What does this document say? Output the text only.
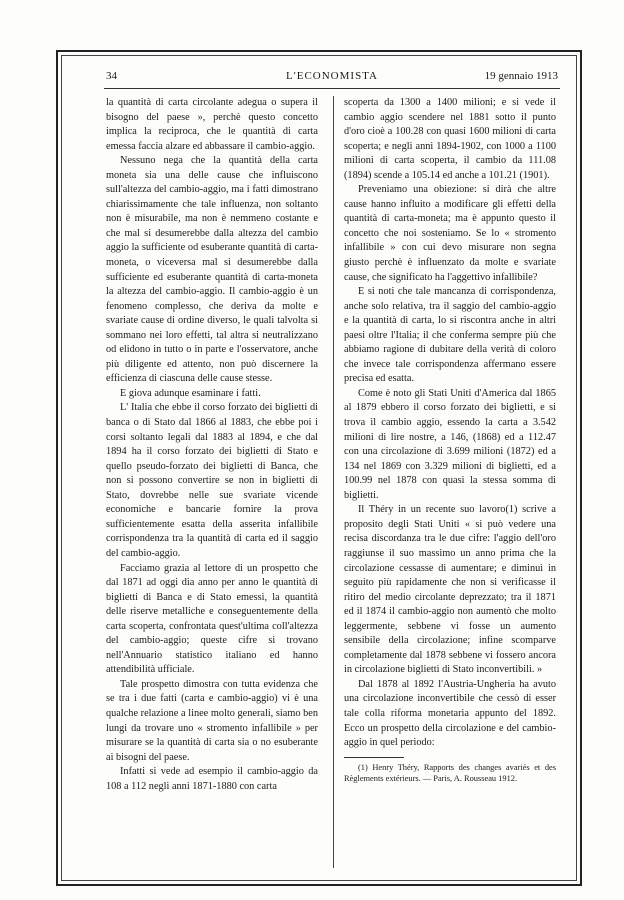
34	L'ECONOMISTA	19 gennaio 1913

la quantità di carta circolante adegua o supera il bisogno del paese », perchè questo concetto implica la reciproca, che le quantità di carta emessa faccia alzare ed abbassare il cambio-aggio.

Nessuno nega che la quantità della carta moneta sia una delle cause che influiscono sull'altezza del cambio-aggio, ma i fatti dimostrano chiarissimamente che tale influenza, non soltanto non è misurabile, ma non è nemmeno costante e che mal si desumerebbe dalla altezza del cambio aggio la sufficiente od esuberante quantità di carta-moneta, o viceversa mal si desumerebbe dalla sufficiente ed esuberante quantità di carta-moneta la altezza del cambio-aggio. Il cambio-aggio è un fenomeno complesso, che deriva da molte e svariate cause di ordine diverso, le quali talvolta si sommano nei loro effetti, tal altra si neutralizzano od elidono in tutto o in parte e l'osservatore, anche più diligente ed attento, non può discernere la efficienza di ciascuna delle cause stesse.

E giova adunque esaminare i fatti.

L' Italia che ebbe il corso forzato dei biglietti di banca o di Stato dal 1866 al 1883, che ebbe poi i corsi soltanto legali dal 1883 al 1894, e che dal 1894 ha il corso forzato dei biglietti di Stato e quello pseudo-forzato dei biglietti di Banca, che non si possono convertire se non in biglietti di Stato, dovrebbe nelle sue svariate vicende economiche e bancarie fornire la prova sufficientemente esatta della asserita infallibile corrispondenza tra la quantità di carta ed il saggio del cambio-aggio.

Facciamo grazia al lettore di un prospetto che dal 1871 ad oggi dia anno per anno le quantità di biglietti di Banca e di Stato emessi, la quantità delle riserve metalliche e conseguentemente della carta scoperta, confrontata quest'ultima coll'altezza del cambio-aggio; queste cifre si trovano nell'Annuario statistico italiano ed hanno attendibilità ufficiale.

Tale prospetto dimostra con tutta evidenza che se tra i due fatti (carta e cambio-aggio) vi è una qualche relazione a linee molto generali, siamo ben lungi da trovare uno « stromento infallibile » per misurare se la quantità di carta sia o no esuberante ai bisogni del paese.

Infatti si vede ad esempio il cambio-aggio da 108 a 112 negli anni 1871-1880 con carta

scoperta da 1300 a 1400 milioni; e si vede il cambio aggio scendere nel 1881 sotto il punto d'oro cioè a 100.28 con quasi 1600 milioni di carta scoperta; e negli anni 1894-1902, con 1000 a 1100 milioni di carta scoperta, il cambio da 111.08 (1894) scende a 105.14 ed anche a 101.21 (1901).

Preveniamo una obiezione: si dirà che altre cause hanno influito a modificare gli effetti della quantità di carta-moneta; ma è appunto questo il concetto che noi sosteniamo. Se lo « stromento infallibile » con cui devo misurare non segna giusto perchè è influenzato da molte e svariate cause, che significato ha l'aggettivo infallibile?

E si noti che tale mancanza di corrispondenza, anche solo relativa, tra il saggio del cambio-aggio e la quantità di carta, lo si riscontra anche in altri paesi oltre l'Italia; il che conferma sempre più che abbiamo ragione di dubitare della verità di coloro che invece tale corrispondenza affermano essere precisa ed esatta.

Come è noto gli Stati Uniti d'America dal 1865 al 1879 ebbero il corso forzato dei biglietti, e si trova il cambio aggio, essendo la carta a 3.542 milioni di lire nostre, a 146, (1868) ed a 112.47 con una circolazione di 3.699 milioni (1872) ed a 134 nel 1869 con 3.329 milioni di biglietti, ed a 100.99 nel 1878 con quasi la stessa somma di biglietti.

Il Théry in un recente suo lavoro(1) scrive a proposito degli Stati Uniti « si può vedere una recisa discordanza tra le due cifre: l'aggio dell'oro raggiunse il suo massimo un anno prima che la circolazione cessasse di aumentare; e diminuì in seguito più rapidamente che non si verificasse il ritiro del medio circolante deprezzato; tra il 1871 ed il 1874 il cambio-aggio non aumentò che molto leggermente, sebbene vi fosse un aumento sensibile della circolazione; infine scomparve completamente dal 1878 sebbene vi fossero ancora in circolazione biglietti di Stato inconvertibili. »

Dal 1878 al 1892 l'Austria-Ungheria ha avuto una circolazione inconvertibile che cessò di esser tale colla riforma monetaria appunto del 1892. Ecco un prospetto della circolazione e del cambio-aggio in quel periodo:

(1) Henry Théry, Rapports des changes avariés et des Règlements extérieurs. — Paris, A. Rousseau 1912.
